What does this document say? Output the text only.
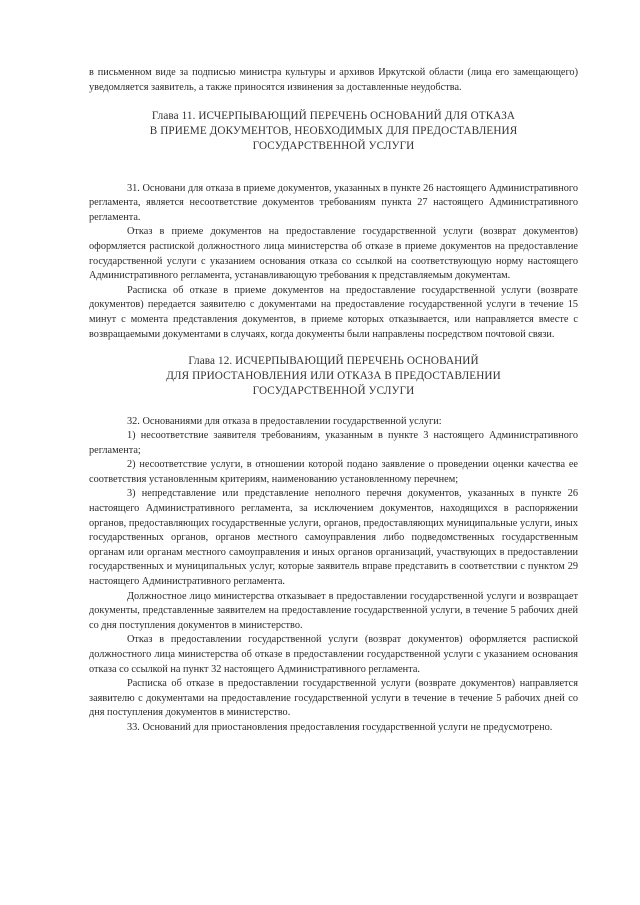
в письменном виде за подписью министра культуры и архивов Иркутской области (лица его замещающего) уведомляется заявитель, а также приносятся извинения за доставленные неудобства.

Глава 11. ИСЧЕРПЫВАЮЩИЙ ПЕРЕЧЕНЬ ОСНОВАНИЙ ДЛЯ ОТКАЗА
В ПРИЕМЕ ДОКУМЕНТОВ, НЕОБХОДИМЫХ ДЛЯ ПРЕДОСТАВЛЕНИЯ
ГОСУДАРСТВЕННОЙ УСЛУГИ

31. Основани для отказа в приеме документов, указанных в пункте 26 настоящего Административного регламента, является несоответствие документов требованиям пункта 27 настоящего Административного регламента.

Отказ в приеме документов на предоставление государственной услуги (возврат документов) оформляется распиской должностного лица министерства об отказе в приеме документов на предоставление государственной услуги с указанием основания отказа со ссылкой на соответствующую норму настоящего Административного регламента, устанавливающую требования к представляемым документам.

Расписка об отказе в приеме документов на предоставление государственной услуги (возврате документов) передается заявителю с документами на предоставление государственной услуги в течение 15 минут с момента представления документов, в приеме которых отказывается, или направляется вместе с возвращаемыми документами в случаях, когда документы были направлены посредством почтовой связи.

Глава 12. ИСЧЕРПЫВАЮЩИЙ ПЕРЕЧЕНЬ ОСНОВАНИЙ
ДЛЯ ПРИОСТАНОВЛЕНИЯ ИЛИ ОТКАЗА В ПРЕДОСТАВЛЕНИИ
ГОСУДАРСТВЕННОЙ УСЛУГИ

32. Основаниями для отказа в предоставлении государственной услуги:

1) несоответствие заявителя требованиям, указанным в пункте 3 настоящего Административного регламента;

2) несоответствие услуги, в отношении которой подано заявление о проведении оценки качества ее соответствия установленным критериям, наименованию установленному перечнем;

3) непредставление или представление неполного перечня документов, указанных в пункте 26 настоящего Административного регламента, за исключением документов, находящихся в распоряжении органов, предоставляющих государственные услуги, органов, предоставляющих муниципальные услуги, иных государственных органов, органов местного самоуправления либо подведомственных государственным органам или органам местного самоуправления и иных органов организаций, участвующих в предоставлении государственных и муниципальных услуг, которые заявитель вправе представить в соответствии с пунктом 29 настоящего Административного регламента.

Должностное лицо министерства отказывает в предоставлении государственной услуги и возвращает документы, представленные заявителем на предоставление государственной услуги, в течение 5 рабочих дней со дня поступления документов в министерство.

Отказ в предоставлении государственной услуги (возврат документов) оформляется распиской должностного лица министерства об отказе в предоставлении государственной услуги с указанием основания отказа со ссылкой на пункт 32 настоящего Административного регламента.

Расписка об отказе в предоставлении государственной услуги (возврате документов) направляется заявителю с документами на предоставление государственной услуги в течение в течение 5 рабочих дней со дня поступления документов в министерство.

33. Оснований для приостановления предоставления государственной услуги не предусмотрено.
